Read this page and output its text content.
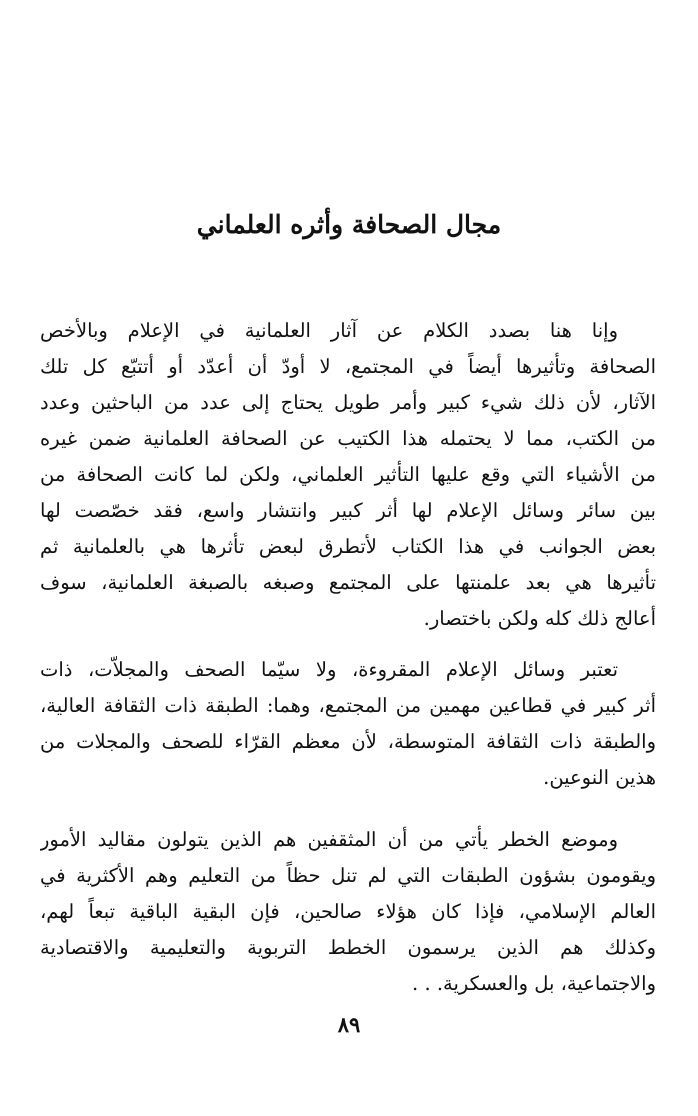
مجال الصحافة وأثره العلماني
وإنا هنا بصدد الكلام عن آثار العلمانية في الإعلام وبالأخص
الصحافة وتأثيرها أيضاً في المجتمع، لا أودّ أن أعدّد أو أتتبّع كل تلك
الآثار، لأن ذلك شيء كبير وأمر طويل يحتاج إلى عدد من الباحثين وعدد
من الكتب، مما لا يحتمله هذا الكتيب عن الصحافة العلمانية ضمن غيره
من الأشياء التي وقع عليها التأثير العلماني، ولكن لما كانت الصحافة من
بين سائر وسائل الإعلام لها أثر كبير وانتشار واسع، فقد خصّصت لها
بعض الجوانب في هذا الكتاب لأتطرق لبعض تأثرها هي بالعلمانية ثم
تأثيرها هي بعد علمنتها على المجتمع وصبغه بالصبغة العلمانية، سوف
أعالج ذلك كله ولكن باختصار.
تعتبر وسائل الإعلام المقروءة، ولا سيّما الصحف والمجلاّت، ذات
أثر كبير في قطاعين مهمين من المجتمع، وهما: الطبقة ذات الثقافة العالية،
والطبقة ذات الثقافة المتوسطة، لأن معظم القرّاء للصحف والمجلات من
هذين النوعين.
وموضع الخطر يأتي من أن المثقفين هم الذين يتولون مقاليد الأمور
ويقومون بشؤون الطبقات التي لم تنل حظاً من التعليم وهم الأكثرية في
العالم الإسلامي، فإذا كان هؤلاء صالحين، فإن البقية الباقية تبعاً لهم،
وكذلك هم الذين يرسمون الخطط التربوية والتعليمية والاقتصادية
والاجتماعية، بل والعسكرية. . .
٨٩
